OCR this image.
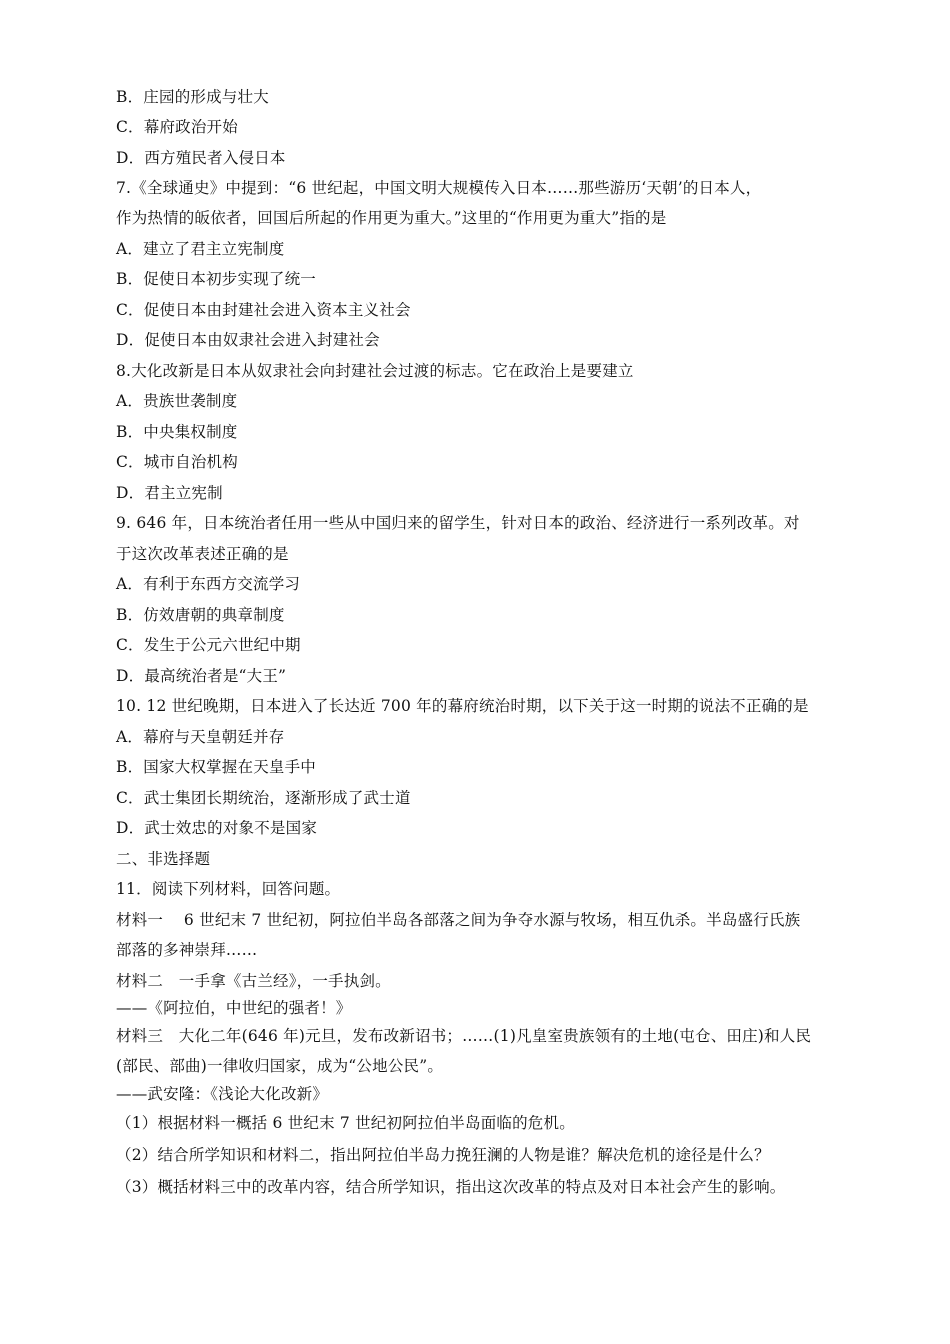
B．庄园的形成与壮大
C．幕府政治开始
D．西方殖民者入侵日本
7.《全球通史》中提到：“6 世纪起，中国文明大规模传入日本……那些游历‘天朝’的日本人，
作为热情的皈依者，回国后所起的作用更为重大。”这里的“作用更为重大”指的是
A．建立了君主立宪制度
B．促使日本初步实现了统一
C．促使日本由封建社会进入资本主义社会
D．促使日本由奴隶社会进入封建社会
8.大化改新是日本从奴隶社会向封建社会过渡的标志。它在政治上是要建立
A．贵族世袭制度
B．中央集权制度
C．城市自治机构
D．君主立宪制
9. 646 年，日本统治者任用一些从中国归来的留学生，针对日本的政治、经济进行一系列改革。对
于这次改革表述正确的是
A．有利于东西方交流学习
B．仿效唐朝的典章制度
C．发生于公元六世纪中期
D．最高统治者是“大王”
10. 12 世纪晚期，日本进入了长达近 700 年的幕府统治时期，以下关于这一时期的说法不正确的是
A．幕府与天皇朝廷并存
B．国家大权掌握在天皇手中
C．武士集团长期统治，逐渐形成了武士道
D．武士效忠的对象不是国家
二、非选择题
11．阅读下列材料，回答问题。
材料一　 6 世纪末 7 世纪初，阿拉伯半岛各部落之间为争夺水源与牧场，相互仇杀。半岛盛行氏族
部落的多神崇拜……
材料二　一手拿《古兰经》，一手执剑。
——《阿拉伯，中世纪的强者！》
材料三　大化二年(646 年)元旦，发布改新诏书；……(1)凡皇室贵族领有的土地(屯仓、田庄)和人民
(部民、部曲)一律收归国家，成为“公地公民”。
——武安隆：《浅论大化改新》
（1）根据材料一概括 6 世纪末 7 世纪初阿拉伯半岛面临的危机。
（2）结合所学知识和材料二，指出阿拉伯半岛力挽狂澜的人物是谁？解决危机的途径是什么？
（3）概括材料三中的改革内容，结合所学知识，指出这次改革的特点及对日本社会产生的影响。
